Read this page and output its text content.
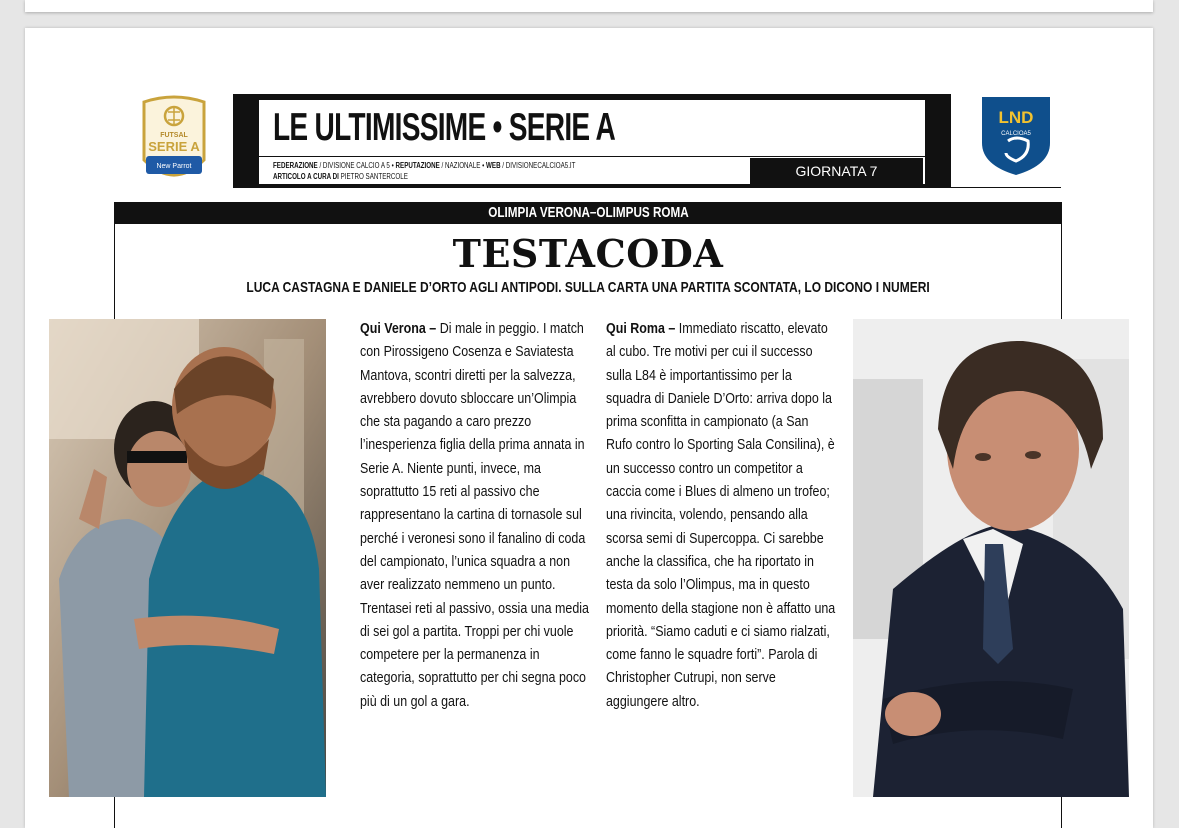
FUTSAL
SERIE A
New Parrot
LE ULTIMISSIME • SERIE A
FEDERAZIONE / DIVISIONE CALCIO A 5 • REPUTAZIONE / NAZIONALE • WEB / DIVISIONECALCIOA5.IT
ARTICOLO A CURA DI PIETRO SANTERCOLE	GIORNATA 7
LND
CALCIOA5
OLIMPIA VERONA–OLIMPUS ROMA
TESTACODA
LUCA CASTAGNA E DANIELE D’ORTO AGLI ANTIPODI. SULLA CARTA UNA PARTITA SCONTATA, LO DICONO I NUMERI
Qui Verona – Di male in peggio. I match con Pirossigeno Cosenza e Saviatesta Mantova, scontri diretti per la salvezza, avrebbero dovuto sbloccare un’Olimpia che sta pagando a caro prezzo l’inesperienza figlia della prima annata in Serie A. Niente punti, invece, ma soprattutto 15 reti al passivo che rappresentano la cartina di tornasole sul perché i veronesi sono il fanalino di coda del campionato, l’unica squadra a non aver realizzato nemmeno un punto. Trentasei reti al passivo, ossia una media di sei gol a partita. Troppi per chi vuole competere per la permanenza in categoria, soprattutto per chi segna poco più di un gol a gara.
Qui Roma – Immediato riscatto, elevato al cubo. Tre motivi per cui il successo sulla L84 è importantissimo per la squadra di Daniele D’Orto: arriva dopo la prima sconfitta in campionato (a San Rufo contro lo Sporting Sala Consilina), è un successo contro un competitor a caccia come i Blues di almeno un trofeo; una rivincita, volendo, pensando alla scorsa semi di Supercoppa. Ci sarebbe anche la classifica, che ha riportato in testa da solo l’Olimpus, ma in questo momento della stagione non è affatto una priorità. “Siamo caduti e ci siamo rialzati, come fanno le squadre forti”. Parola di Christopher Cutrupi, non serve aggiungere altro.
